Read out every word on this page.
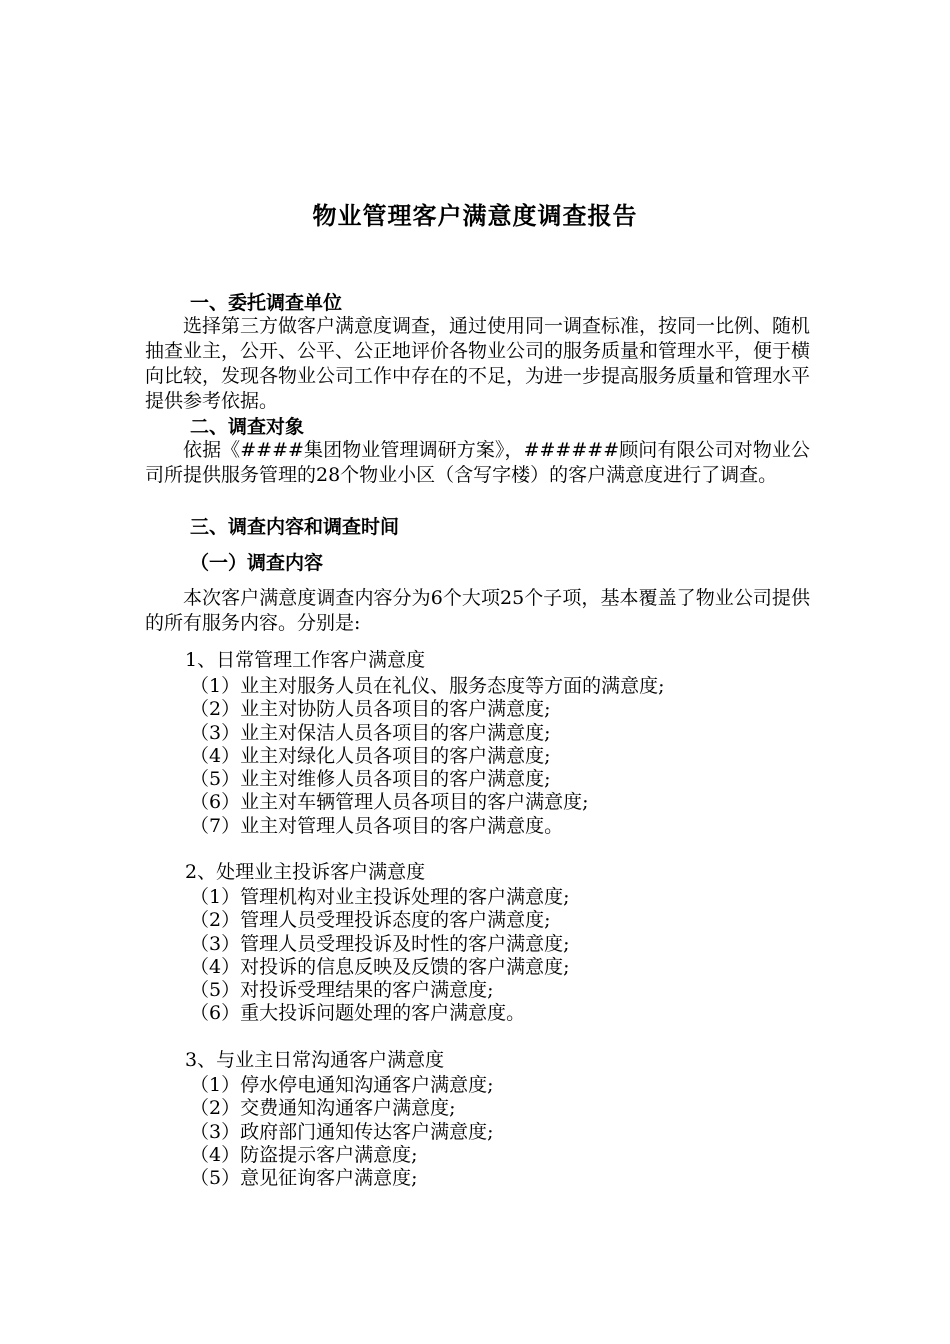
物业管理客户满意度调查报告
一、委托调查单位
选择第三方做客户满意度调查，通过使用同一调查标准，按同一比例、随机抽查业主，公开、公平、公正地评价各物业公司的服务质量和管理水平，便于横向比较，发现各物业公司工作中存在的不足，为进一步提高服务质量和管理水平提供参考依据。
二、调查对象
依据《####集团物业管理调研方案》，######顾问有限公司对物业公司所提供服务管理的28个物业小区（含写字楼）的客户满意度进行了调查。
三、调查内容和调查时间
（一）调查内容
本次客户满意度调查内容分为6个大项25个子项，基本覆盖了物业公司提供的所有服务内容。分别是:
1、日常管理工作客户满意度
（1）业主对服务人员在礼仪、服务态度等方面的满意度;
（2）业主对协防人员各项目的客户满意度;
（3）业主对保洁人员各项目的客户满意度;
（4）业主对绿化人员各项目的客户满意度;
（5）业主对维修人员各项目的客户满意度;
（6）业主对车辆管理人员各项目的客户满意度;
（7）业主对管理人员各项目的客户满意度。
2、处理业主投诉客户满意度
（1）管理机构对业主投诉处理的客户满意度;
（2）管理人员受理投诉态度的客户满意度;
（3）管理人员受理投诉及时性的客户满意度;
（4）对投诉的信息反映及反馈的客户满意度;
（5）对投诉受理结果的客户满意度;
（6）重大投诉问题处理的客户满意度。
3、与业主日常沟通客户满意度
（1）停水停电通知沟通客户满意度;
（2）交费通知沟通客户满意度;
（3）政府部门通知传达客户满意度;
（4）防盗提示客户满意度;
（5）意见征询客户满意度;
